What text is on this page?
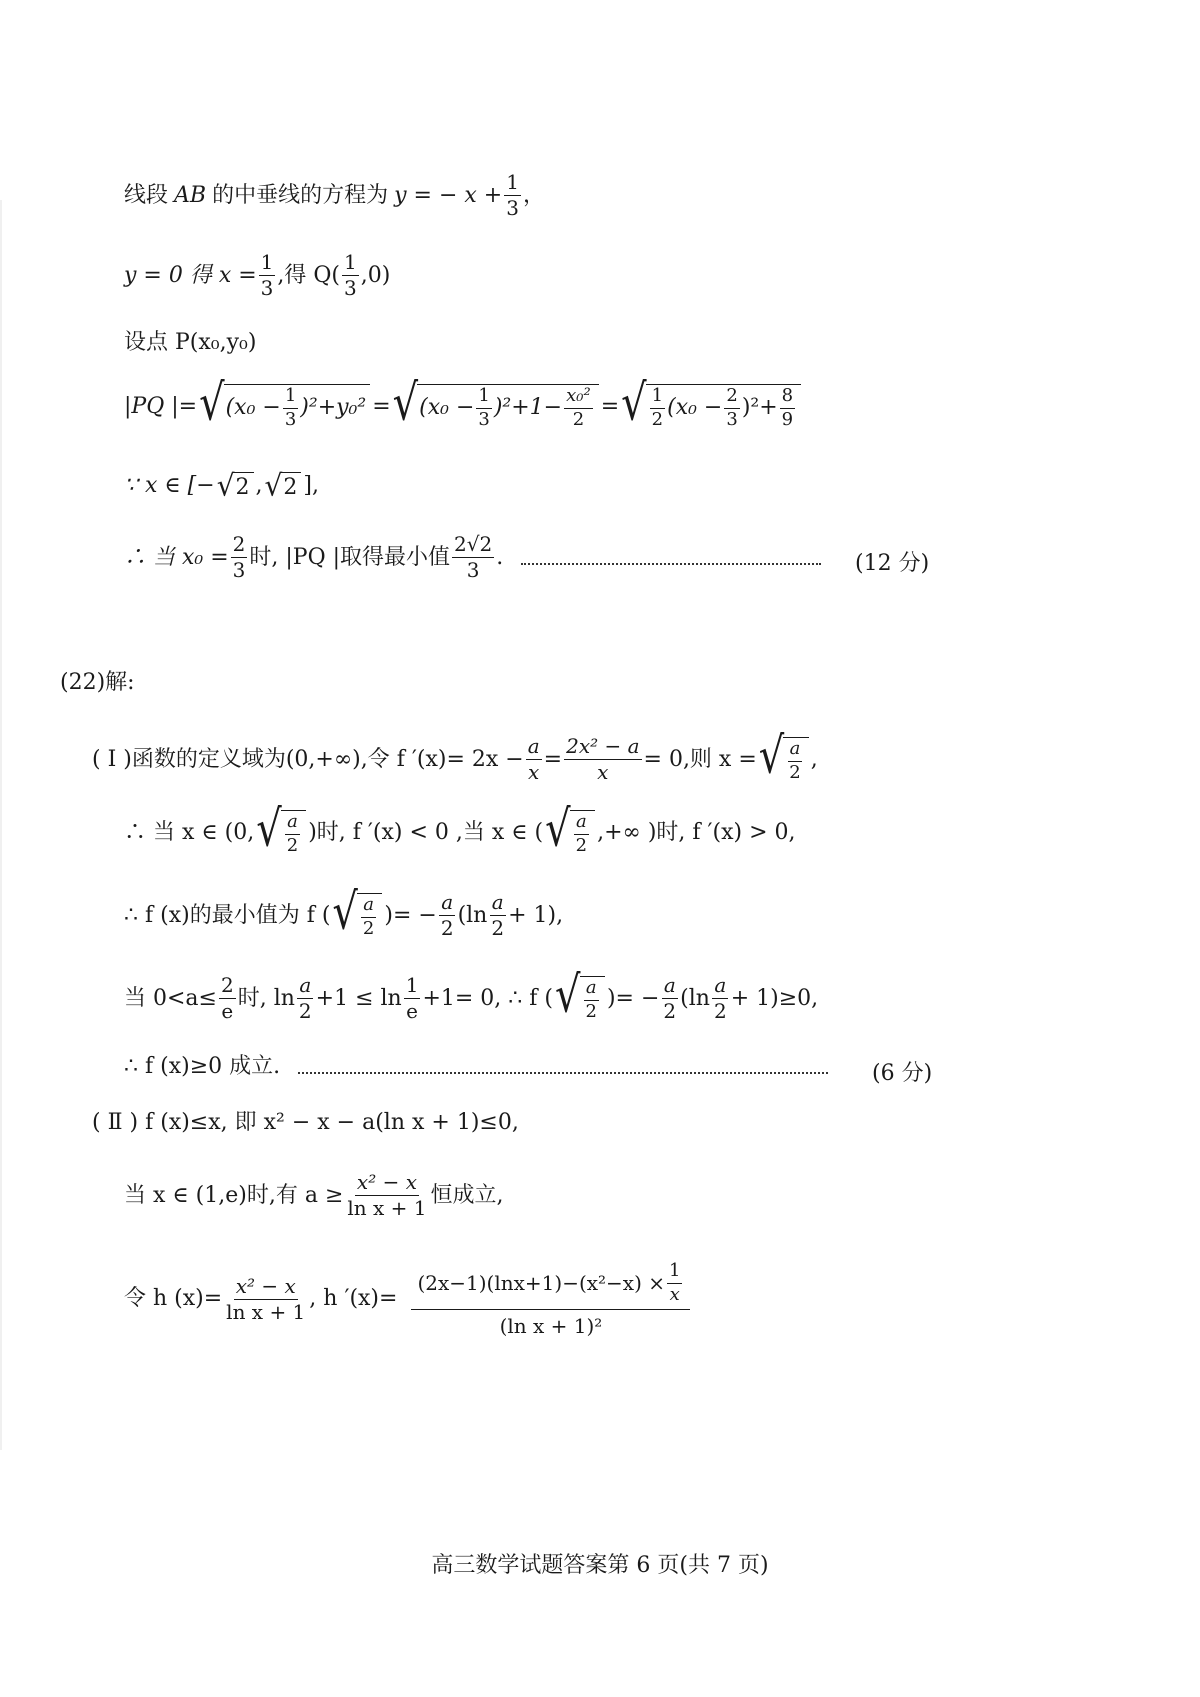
线段 AB 的中垂线的方程为 y = − $x + \frac{1}{3}$ ，
y = 0 得 $x = \frac{1}{3}$ ,得 $Q( \frac{1}{3} ,0)$
设点 P(x₀,y₀)
|PQ |= √ $(x_0 - \frac{1}{3} )^2+y_0^2$ = √ $(x_0 - \frac{1}{3} )^2+1- \frac{\text{x₀²}}{2}$ = √ $\frac{1}{2} (x_0 - \frac{2}{3} )^2+ \frac{8}{9}$
∵ x ∈ [− √ 2 , √ 2 ],
∴ 当 $x_0 = \frac{2}{3}$ 时, |PQ |取得最小值 $\frac{2√2}{3}$ .	(12 分)
(22)解:
( Ⅰ )函数的定义域为(0,+∞),令 f $'(x)= 2x - \frac{a}{x} = \frac{\text{2x² − a}}{x} = 0$,则 x = √ $\frac{a}{2}$ ,
∴ 当 x ∈ (0, √ $\frac{a}{2}$ )时, f ′(x) < 0 ,当 x ∈ ( √ $\frac{a}{2}$ ,+∞ )时, f ′(x) > 0,
∴ f (x)的最小值为 f ( √ $\frac{a}{2}$ )= − $\frac{a}{2} (\ln \frac{a}{2} + 1)$,
当 $0<a\le \frac{2}{e}$ 时, $\ln \frac{a}{2} +1 \le \ln \frac{1}{e} +1= 0$, ∴ f ( √ $\frac{a}{2}$ )= − $\frac{a}{2} (\ln \frac{a}{2} + 1)\ge 0$,
∴ f (x)≥0 成立.	(6 分)
( Ⅱ ) f (x)≤x, 即 x² − x − a(ln x + 1)≤0,
当 x ∈ (1,e)时,有 $a \ge \frac{\text{x² − x}}{\text{ln x + 1}}$ 恒成立,
令 h $(x)= \frac{\text{x² − x}}{\text{ln x + 1}}$ , h $'(x)= \frac{(2x-1)(\ln x+1)-(x^2-x) \times \frac{1}{x}}{\text{(ln x + 1)²}}$
高三数学试题答案第 6 页(共 7 页)
